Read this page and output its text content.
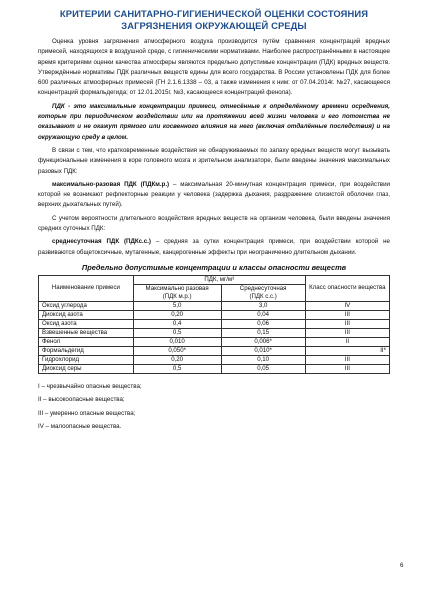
КРИТЕРИИ САНИТАРНО-ГИГИЕНИЧЕСКОЙ ОЦЕНКИ СОСТОЯНИЯ
ЗАГРЯЗНЕНИЯ ОКРУЖАЮЩЕЙ СРЕДЫ

Оценка уровня загрязнения атмосферного воздуха производится путём сравнения концентраций вредных примесей, находящихся в воздушной среде, с гигиеническими нормативами. Наиболее распространёнными в настоящее время критериями оценки качества атмосферы являются предельно допустимые концентрации (ПДК) вредных веществ. Утверждённые нормативы ПДК различных веществ едины для всего государства. В России установлены ПДК для более 600 различных атмосферных примесей (ГН 2.1.6.1338 – 03, а также изменения к ним: от 07.04.2014г. №27, касающееся концентраций формальдегида; от 12.01.2015г. №3, касающееся концентраций фенола).

ПДК - это максимальные концентрации примеси, отнесённые к определённому времени осреднения, которые при периодическом воздействии или на протяжении всей жизни человека и его потомства не оказывают и не окажут прямого или косвенного влияния на него (включая отдалённые последствия) и на окружающую среду в целом.

В связи с тем, что кратковременные воздействия не обнаруживаемых по запаху вредных веществ могут вызывать функциональные изменения в коре головного мозга и зрительном анализаторе, были введены значения максимальных разовых ПДК:

максимально-разовая ПДК (ПДКм.р.) – максимальная 20-минутная концентрация примеси, при воздействии которой не возникают рефлекторные реакции у человека (задержка дыхания, раздражение слизистой оболочки глаз, верхних дыхательных путей).

С учетом вероятности длительного воздействия вредных веществ на организм человека, были введены значения средних суточных ПДК:

среднесуточная ПДК (ПДКс.с.) – средняя за сутки концентрация примеси, при воздействии которой не развиваются общетоксичные, мутагенные, канцерогенные эффекты при неограниченно длительном дыхании.

Предельно допустимые концентрации и классы опасности веществ
Наименование примеси	ПДК, мг/м³		Класс опасности вещества
	Максимально разовая
(ПДК м.р.)	Среднесуточная
(ПДК с.с.)	
Оксид углерода	5,0	3,0	IV
Диоксид азота	0,20	0,04	III
Оксид азота	0,4	0,06	III
Взвешенные вещества	0,5	0,15	III
Фенол	0,010	0,006*	II
Формальдегид	0,050*	0,010*	II*
Гидрохлорид	0,20	0,10	III
Диоксид серы	0,5	0,05	III

I – чрезвычайно опасные вещества;

II – высокоопасные вещества;

III – умеренно опасные вещества;

IV – малоопасные вещества.

6
